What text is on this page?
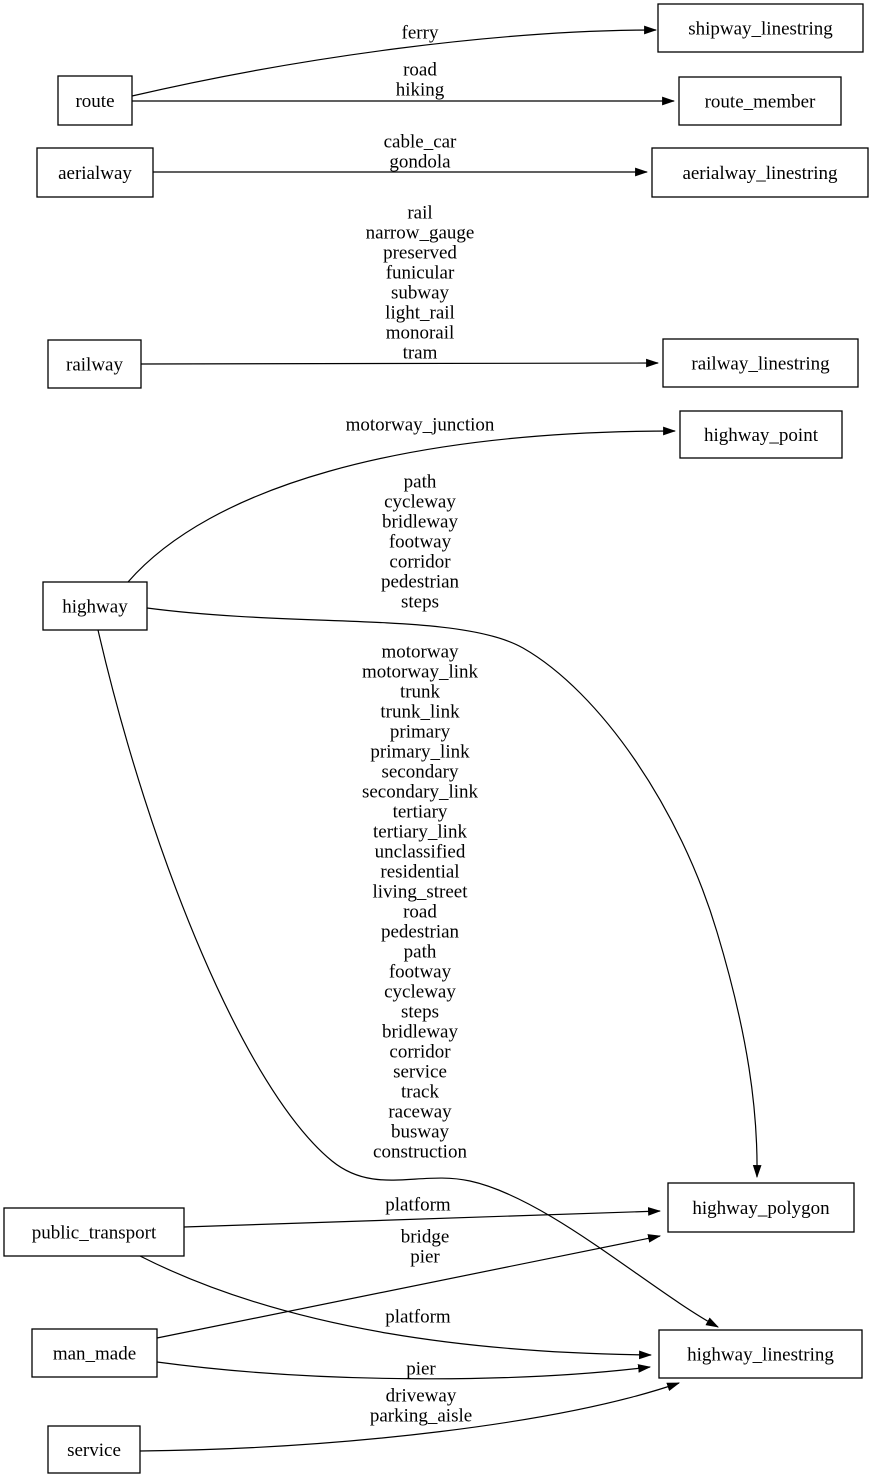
ferry
road
hiking
cable_car
gondola
rail
narrow_gauge
preserved
funicular
subway
light_rail
monorail
tram
motorway_junction
path
cycleway
bridleway
footway
corridor
pedestrian
steps
motorway
motorway_link
trunk
trunk_link
primary
primary_link
secondary
secondary_link
tertiary
tertiary_link
unclassified
residential
living_street
road
pedestrian
path
footway
cycleway
steps
bridleway
corridor
service
track
raceway
busway
construction
platform
platform
bridge
pier
pier
driveway
parking_aisle
route
aerialway
railway
highway
public_transport
man_made
service
shipway_linestring
route_member
aerialway_linestring
railway_linestring
highway_point
highway_polygon
highway_linestring
